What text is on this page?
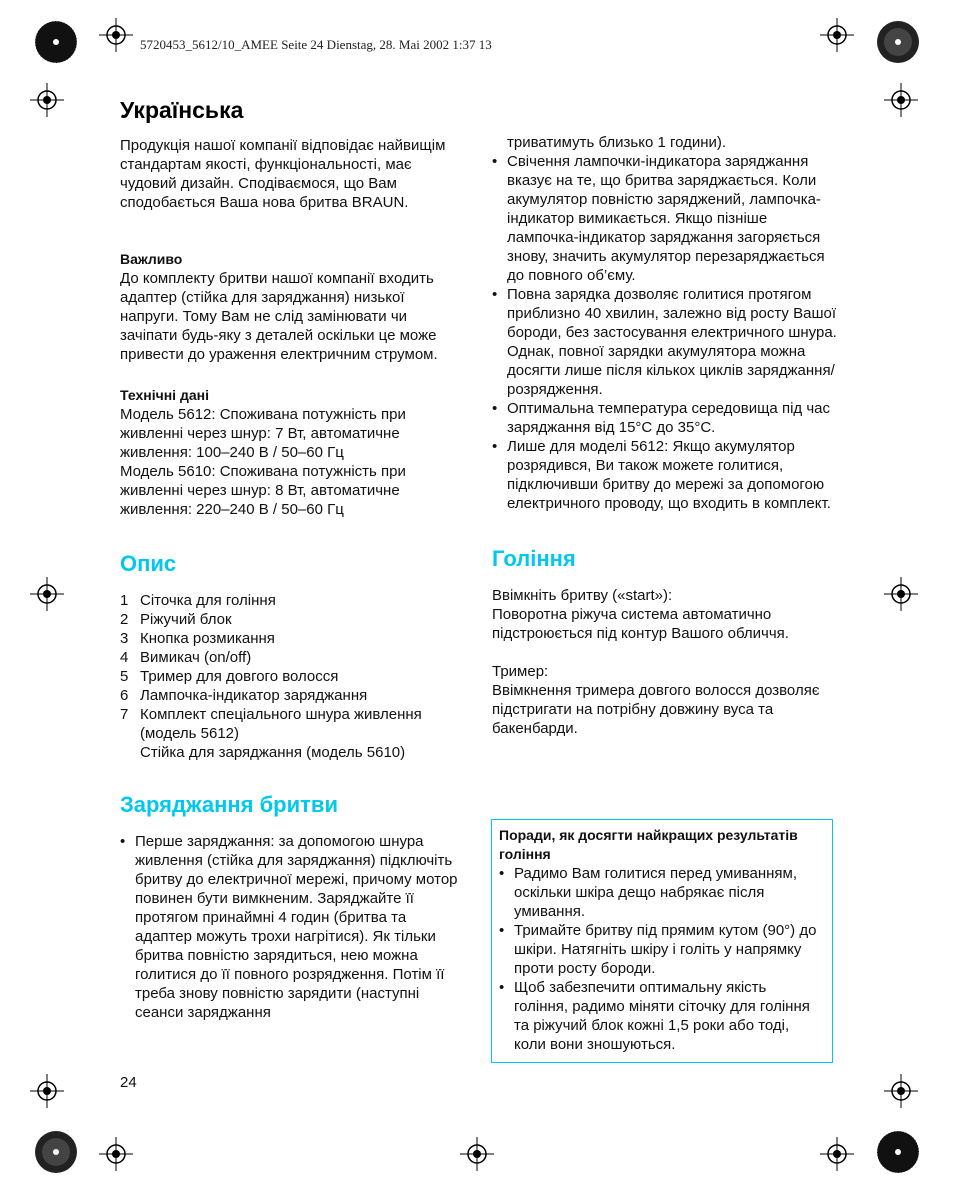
5720453_5612/10_AMEE Seite 24 Dienstag, 28. Mai 2002 1:37 13
Українська

Продукція нашої компанії відповідає найвищім стандартам якості, функціональності, має чудовий дизайн. Сподіваємося, що Вам сподобається Ваша нова бритва BRAUN.

Важливо

До комплекту бритви нашої компанії входить адаптер (стійка для заряджання) низької напруги. Тому Вам не слід замінювати чи зачіпати будь-яку з деталей оскільки це може привести до ураження електричним струмом.

Технічні дані

Модель 5612: Споживана потужність при живленні через шнур: 7 Вт, автоматичне живлення: 100–240 В / 50–60 Гц

Модель 5610: Споживана потужність при живленні через шнур: 8 Вт, автоматичне живлення: 220–240 В / 50–60 Гц

Опис
1 Сіточка для гоління
2 Ріжучий блок
3 Кнопка розмикання
4 Вимикач (on/off)
5 Тример для довгого волосся
6 Лампочка-індикатор заряджання
7 Комплект спеціального шнура живлення (модель 5612)
Стійка для заряджання (модель 5610)
Заряджання бритви
• Перше заряджання: за допомогою шнура живлення (стійка для заряджання) підключіть бритву до електричної мережі, причому мотор повинен бути вимкненим. Заряджайте її протягом принаймні 4 годин (бритва та адаптер можуть трохи нагрітися). Як тільки бритва повністю зарядиться, нею можна голитися до її повного розрядження. Потім її треба знову повністю зарядити (наступні сеанси заряджання
24

триватимуть близько 1 години).

• Свічення лампочки-індикатора заряджання вказує на те, що бритва заряджається. Коли акумулятор повністю заряджений, лампочка-індикатор вимикається. Якщо пізніше лампочка-індикатор заряджання загоряється знову, значить акумулятор перезаряджається до повного об’єму.
• Повна зарядка дозволяє голитися протягом приблизно 40 хвилин, залежно від росту Вашої бороди, без застосування електричного шнура. Однак, повної зарядки акумулятора можна досягти лише після кількох циклів заряджання/ розрядження.
• Оптимальна температура середовища під час заряджання від 15°C до 35°C.
• Лише для моделі 5612: Якщо акумулятор розрядився, Ви також можете голитися, підключивши бритву до мережі за допомогою електричного проводу, що входить в комплект.
Гоління

Ввімкніть бритву («start»):

Поворотна ріжуча система автоматично підстроюється під контур Вашого обличчя.

Тример:

Ввімкнення тримера довгого волосся дозволяє підстригати на потрібну довжину вуса та бакенбарди.

Поради, як досягти найкращих результатів гоління
• Радимо Вам голитися перед умиванням, оскільки шкіра дещо набрякає після умивання.
• Тримайте бритву під прямим кутом (90°) до шкіри. Натягніть шкіру і голіть у напрямку проти росту бороди.
• Щоб забезпечити оптимальну якість гоління, радимо міняти сіточку для гоління та ріжучий блок кожні 1,5 роки або тоді, коли вони зношуються.
